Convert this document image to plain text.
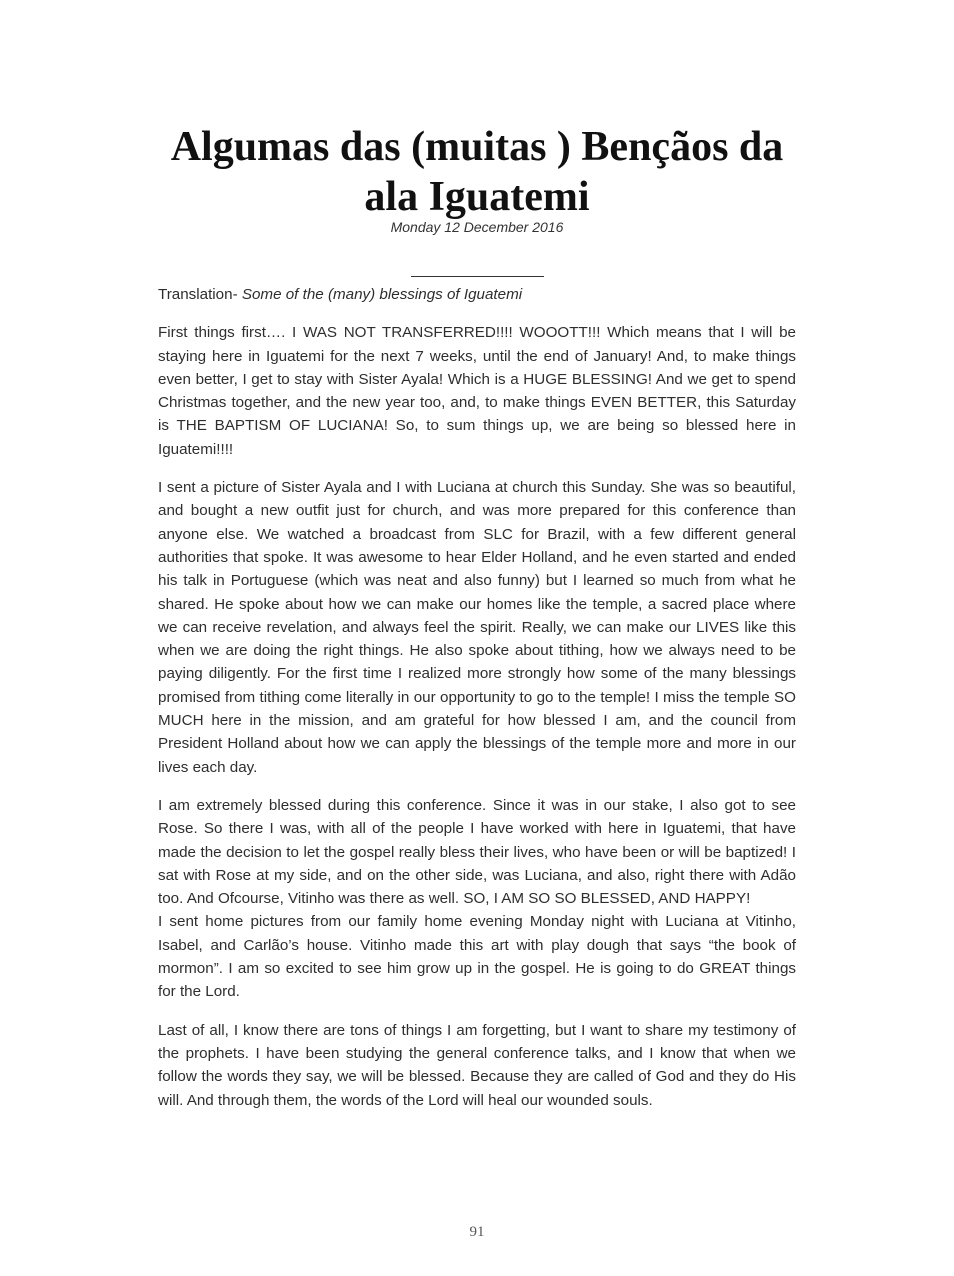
Algumas das (muitas ) Bençãos da ala Iguatemi
Monday 12 December 2016

Translation- Some of the (many) blessings of Iguatemi

First things first…. I WAS NOT TRANSFERRED!!!! WOOOTT!!! Which means that I will be staying here in Iguatemi for the next 7 weeks, until the end of January! And, to make things even better, I get to stay with Sister Ayala! Which is a HUGE BLESSING! And we get to spend Christmas together, and the new year too, and, to make things EVEN BETTER, this Saturday is THE BAPTISM OF LUCIANA! So, to sum things up, we are being so blessed here in Iguatemi!!!!

I sent a picture of Sister Ayala and I with Luciana at church this Sunday. She was so beautiful, and bought a new outfit just for church, and was more prepared for this conference than anyone else. We watched a broadcast from SLC for Brazil, with a few different general authorities that spoke. It was awesome to hear Elder Holland, and he even started and ended his talk in Portuguese (which was neat and also funny) but I learned so much from what he shared. He spoke about how we can make our homes like the temple, a sacred place where we can receive revelation, and always feel the spirit. Really, we can make our LIVES like this when we are doing the right things. He also spoke about tithing, how we always need to be paying diligently. For the first time I realized more strongly how some of the many blessings promised from tithing come literally in our opportunity to go to the temple! I miss the temple SO MUCH here in the mission, and am grateful for how blessed I am, and the council from President Holland about how we can apply the blessings of the temple more and more in our lives each day.

I am extremely blessed during this conference. Since it was in our stake, I also got to see Rose. So there I was, with all of the people I have worked with here in Iguatemi, that have made the decision to let the gospel really bless their lives, who have been or will be baptized! I sat with Rose at my side, and on the other side, was Luciana, and also, right there with Adão too. And Ofcourse, Vitinho was there as well. SO, I AM SO SO BLESSED, AND HAPPY!

I sent home pictures from our family home evening Monday night with Luciana at Vitinho, Isabel, and Carlão’s house. Vitinho made this art with play dough that says “the book of mormon”. I am so excited to see him grow up in the gospel. He is going to do GREAT things for the Lord.

Last of all, I know there are tons of things I am forgetting, but I want to share my testimony of the prophets. I have been studying the general conference talks, and I know that when we follow the words they say, we will be blessed. Because they are called of God and they do His will. And through them, the words of the Lord will heal our wounded souls.

91
